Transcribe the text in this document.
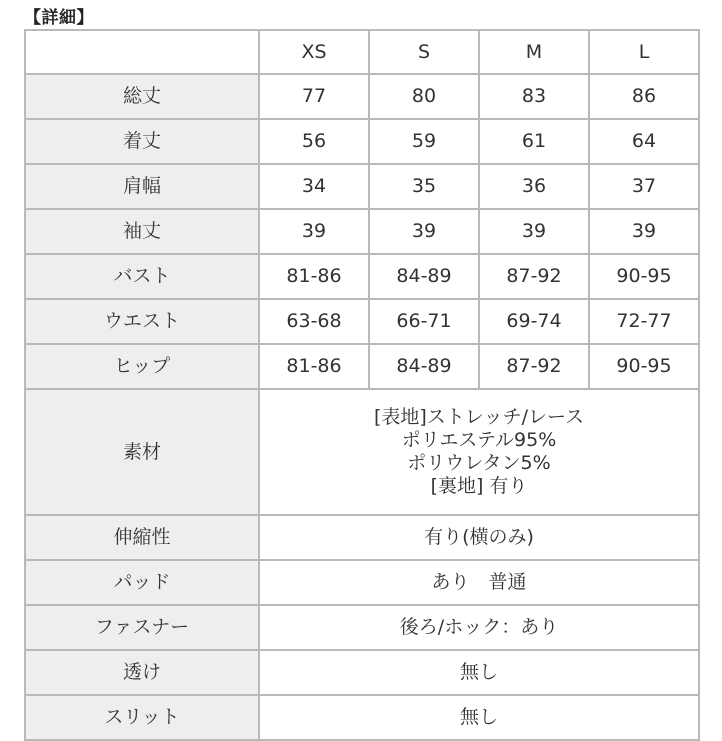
【詳細】
	XS	S	M	L
総丈	77	80	83	86
着丈	56	59	61	64
肩幅	34	35	36	37
袖丈	39	39	39	39
バスト	81-86	84-89	87-92	90-95
ウエスト	63-68	66-71	69-74	72-77
ヒップ	81-86	84-89	87-92	90-95
素材	[表地]ストレッチ/レース
ポリエステル95%
ポリウレタン5%
[裏地] 有り			

伸縮性	有り(横のみ)			
パッド	あり　普通			
ファスナー	後ろ/ホック：あり			
透け	無し			
スリット	無し			
